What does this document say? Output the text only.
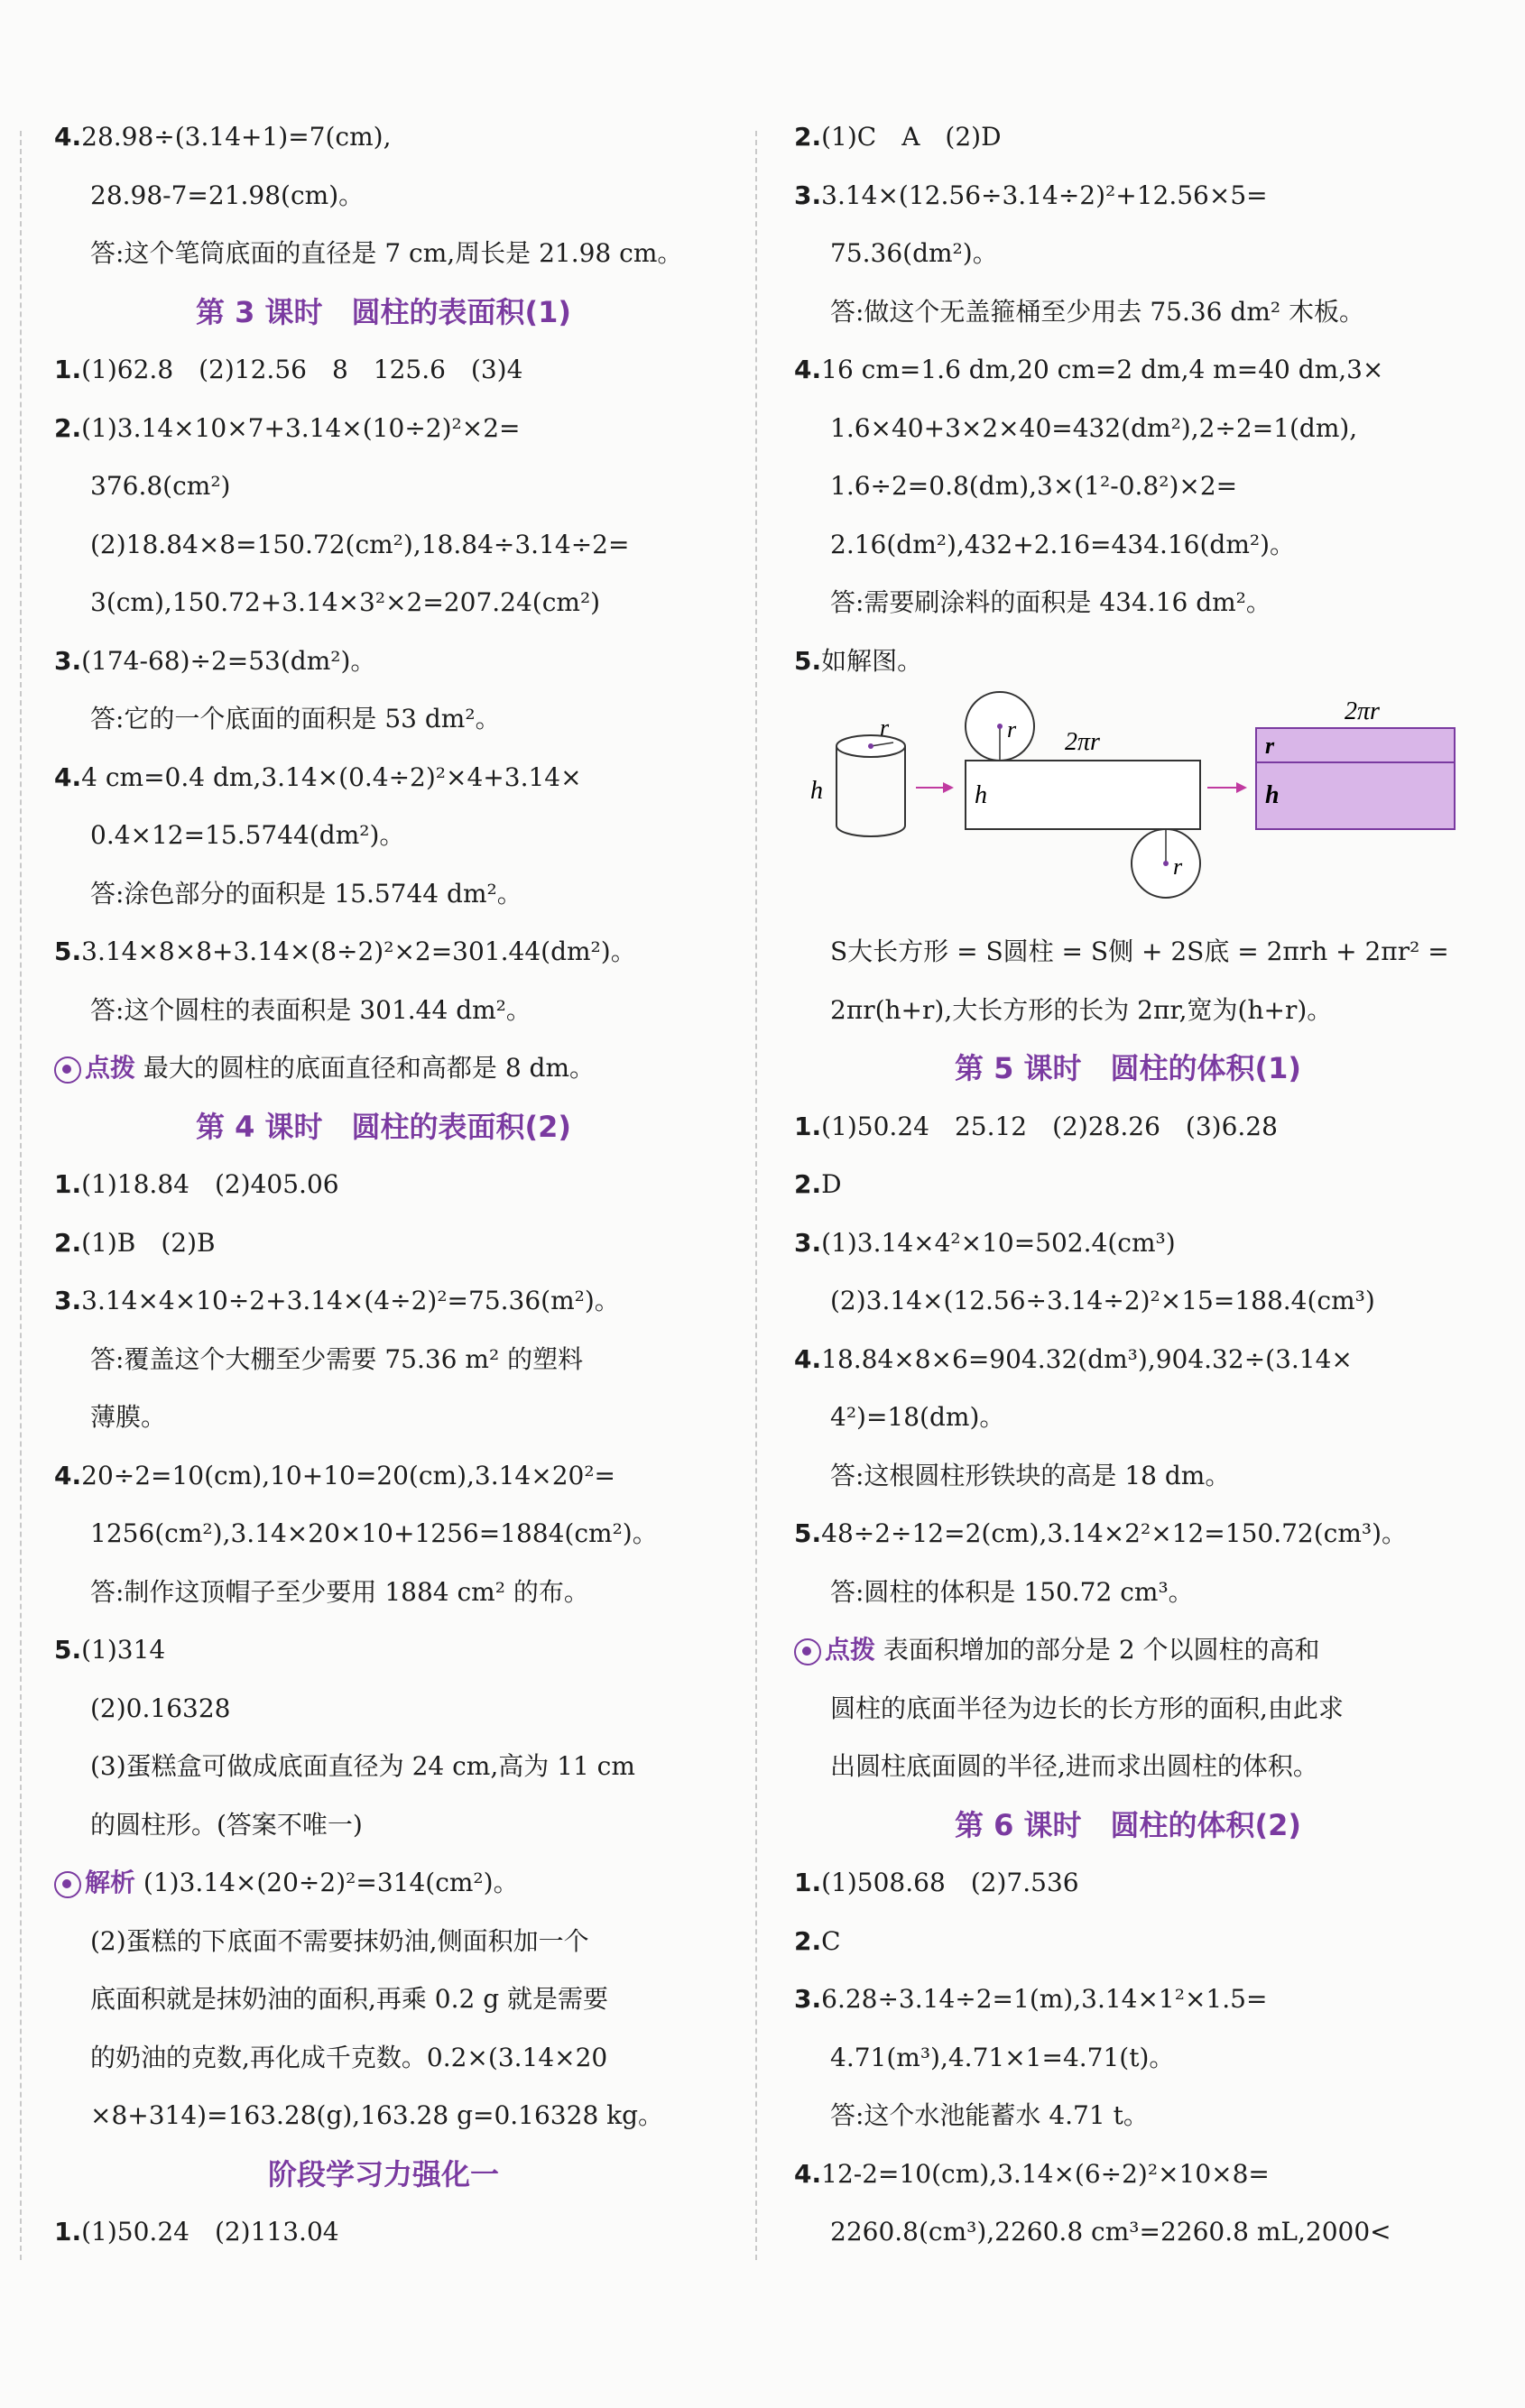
4.28.98÷(3.14+1)=7(cm),
28.98-7=21.98(cm)。
答:这个笔筒底面的直径是 7 cm,周长是 21.98 cm。
第 3 课时　圆柱的表面积(1)
1.(1)62.8　(2)12.56　8　125.6　(3)4
2.(1)3.14×10×7+3.14×(10÷2)²×2=
376.8(cm²)
(2)18.84×8=150.72(cm²),18.84÷3.14÷2=
3(cm),150.72+3.14×3²×2=207.24(cm²)
3.(174-68)÷2=53(dm²)。
答:它的一个底面的面积是 53 dm²。
4.4 cm=0.4 dm,3.14×(0.4÷2)²×4+3.14×
0.4×12=15.5744(dm²)。
答:涂色部分的面积是 15.5744 dm²。
5.3.14×8×8+3.14×(8÷2)²×2=301.44(dm²)。
答:这个圆柱的表面积是 301.44 dm²。
点拨 最大的圆柱的底面直径和高都是 8 dm。
第 4 课时　圆柱的表面积(2)
1.(1)18.84　(2)405.06
2.(1)B　(2)B
3.3.14×4×10÷2+3.14×(4÷2)²=75.36(m²)。
答:覆盖这个大棚至少需要 75.36 m² 的塑料
薄膜。
4.20÷2=10(cm),10+10=20(cm),3.14×20²=
1256(cm²),3.14×20×10+1256=1884(cm²)。
答:制作这顶帽子至少要用 1884 cm² 的布。
5.(1)314
(2)0.16328
(3)蛋糕盒可做成底面直径为 24 cm,高为 11 cm
的圆柱形。(答案不唯一)
解析 (1)3.14×(20÷2)²=314(cm²)。
(2)蛋糕的下底面不需要抹奶油,侧面积加一个
底面积就是抹奶油的面积,再乘 0.2 g 就是需要
的奶油的克数,再化成千克数。0.2×(3.14×20
×8+314)=163.28(g),163.28 g=0.16328 kg。
阶段学习力强化一
1.(1)50.24　(2)113.04
2.(1)C　A　(2)D
3.3.14×(12.56÷3.14÷2)²+12.56×5=
75.36(dm²)。
答:做这个无盖箍桶至少用去 75.36 dm² 木板。
4.16 cm=1.6 dm,20 cm=2 dm,4 m=40 dm,3×
1.6×40+3×2×40=432(dm²),2÷2=1(dm),
1.6÷2=0.8(dm),3×(1²-0.8²)×2=
2.16(dm²),432+2.16=434.16(dm²)。
答:需要刷涂料的面积是 434.16 dm²。
5.如解图。
r
h
r
h
2πr
r
2πr
r
h
S大长方形 = S圆柱 = S侧 + 2S底 = 2πrh + 2πr² =
2πr(h+r),大长方形的长为 2πr,宽为(h+r)。
第 5 课时　圆柱的体积(1)
1.(1)50.24　25.12　(2)28.26　(3)6.28
2.D
3.(1)3.14×4²×10=502.4(cm³)
(2)3.14×(12.56÷3.14÷2)²×15=188.4(cm³)
4.18.84×8×6=904.32(dm³),904.32÷(3.14×
4²)=18(dm)。
答:这根圆柱形铁块的高是 18 dm。
5.48÷2÷12=2(cm),3.14×2²×12=150.72(cm³)。
答:圆柱的体积是 150.72 cm³。
点拨 表面积增加的部分是 2 个以圆柱的高和
圆柱的底面半径为边长的长方形的面积,由此求
出圆柱底面圆的半径,进而求出圆柱的体积。
第 6 课时　圆柱的体积(2)
1.(1)508.68　(2)7.536
2.C
3.6.28÷3.14÷2=1(m),3.14×1²×1.5=
4.71(m³),4.71×1=4.71(t)。
答:这个水池能蓄水 4.71 t。
4.12-2=10(cm),3.14×(6÷2)²×10×8=
2260.8(cm³),2260.8 cm³=2260.8 mL,2000<
